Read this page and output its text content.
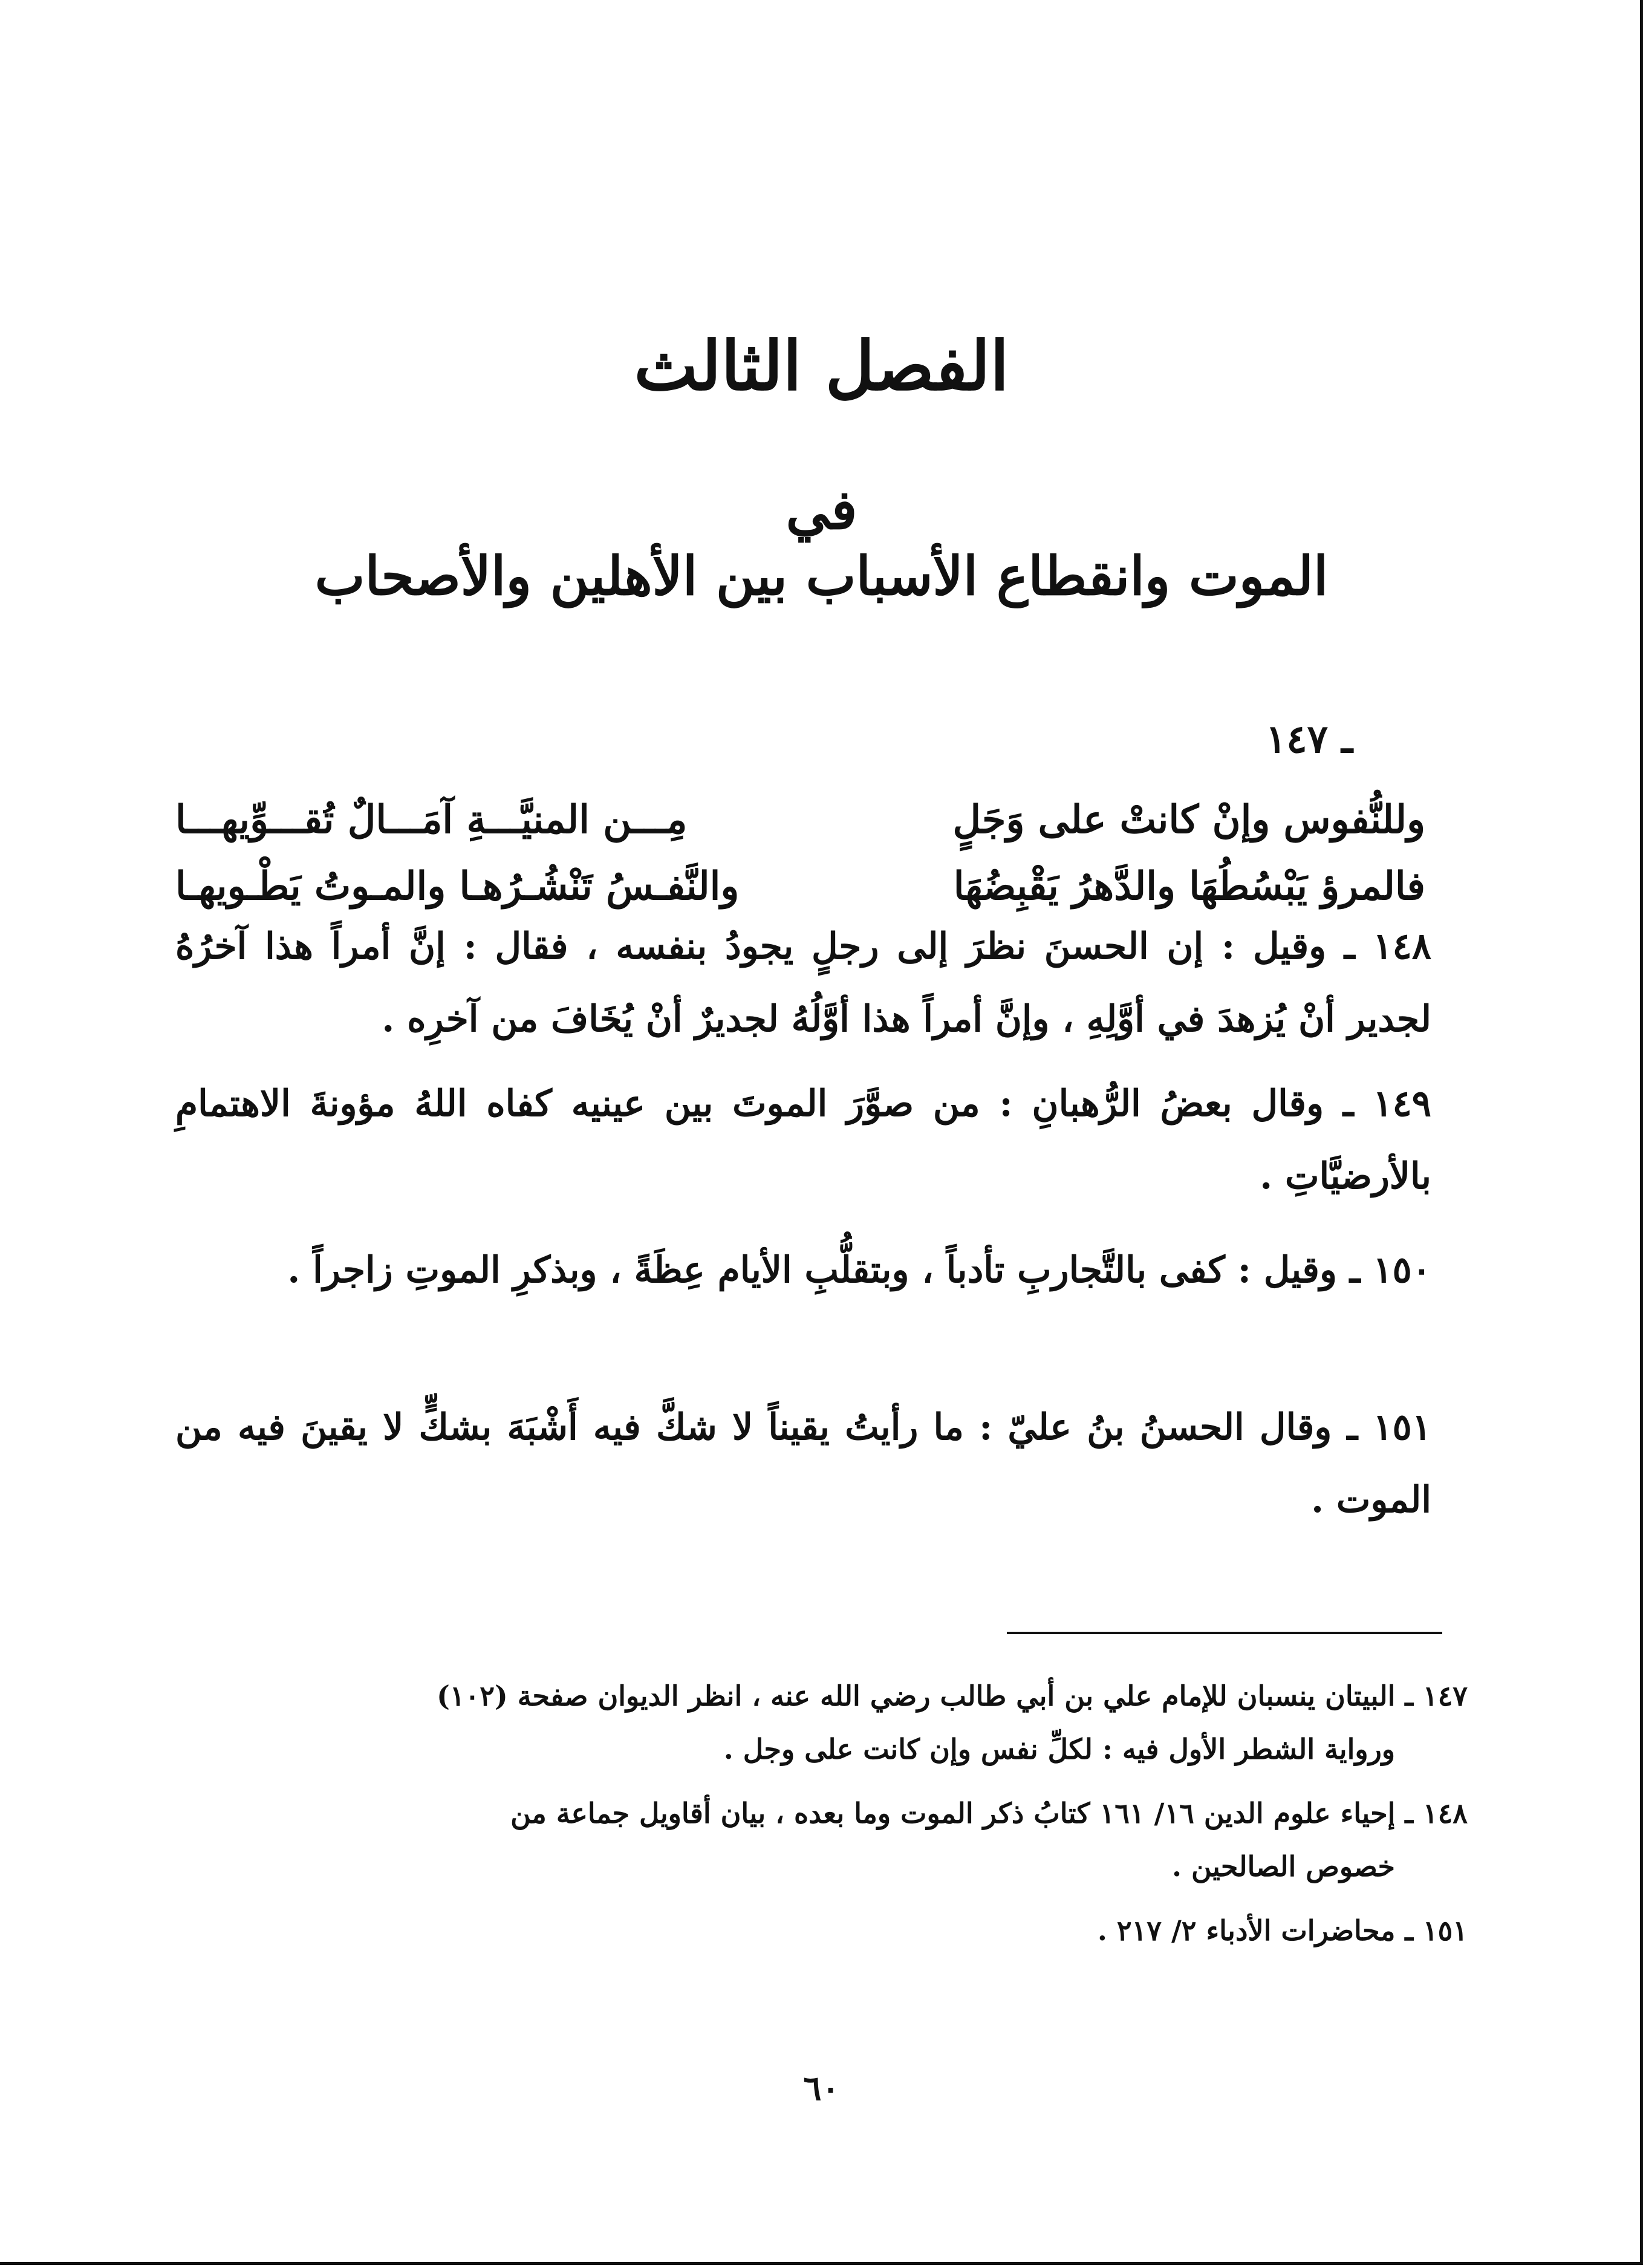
الفصل الثالث
في
الموت وانقطاع الأسباب بين الأهلين والأصحاب
ـ ١٤٧
وللنُّفوس وإنْ كانتْ على وَجَلٍ
مِـــن المنيَّـــةِ آمَـــالٌ تُقـــوِّيهـــا
فالمرؤ يَبْسُطُهَا والدَّهرُ يَقْبِضُهَا
والنَّفـسُ تَنْشُـرُهـا والمـوتُ يَطْـويهـا
١٤٨ ـ وقيل : إن الحسنَ نظرَ إلى رجلٍ يجودُ بنفسه ، فقال : إنَّ أمراً هذا آخرُهُ لجدير أنْ يُزهدَ في أوَّلِهِ ، وإنَّ أمراً هذا أوَّلُهُ لجديرٌ أنْ يُخَافَ من آخرِه .
١٤٩ ـ وقال بعضُ الرُّهبانِ : من صوَّرَ الموتَ بين عينيه كفاه اللهُ مؤونةَ الاهتمامِ بالأرضيَّاتِ .
١٥٠ ـ وقيل : كفى بالتَّجاربِ تأدباً ، وبتقلُّبِ الأيام عِظَةً ، وبذكرِ الموتِ زاجراً .
١٥١ ـ وقال الحسنُ بنُ عليّ : ما رأيتُ يقيناً لا شكَّ فيه أَشْبَهَ بشكٍّ لا يقينَ فيه من الموت .
١٤٧ ـ البيتان ينسبان للإمام علي بن أبي طالب رضي الله عنه ، انظر الديوان صفحة (١٠٢)
ورواية الشطر الأول فيه : لكلِّ نفس وإن كانت على وجل .
١٤٨ ـ إحياء علوم الدين ١٦/ ١٦١ كتابُ ذكر الموت وما بعده ، بيان أقاويل جماعة من
خصوص الصالحين .
١٥١ ـ محاضرات الأدباء ٢/ ٢١٧ .
٦٠
